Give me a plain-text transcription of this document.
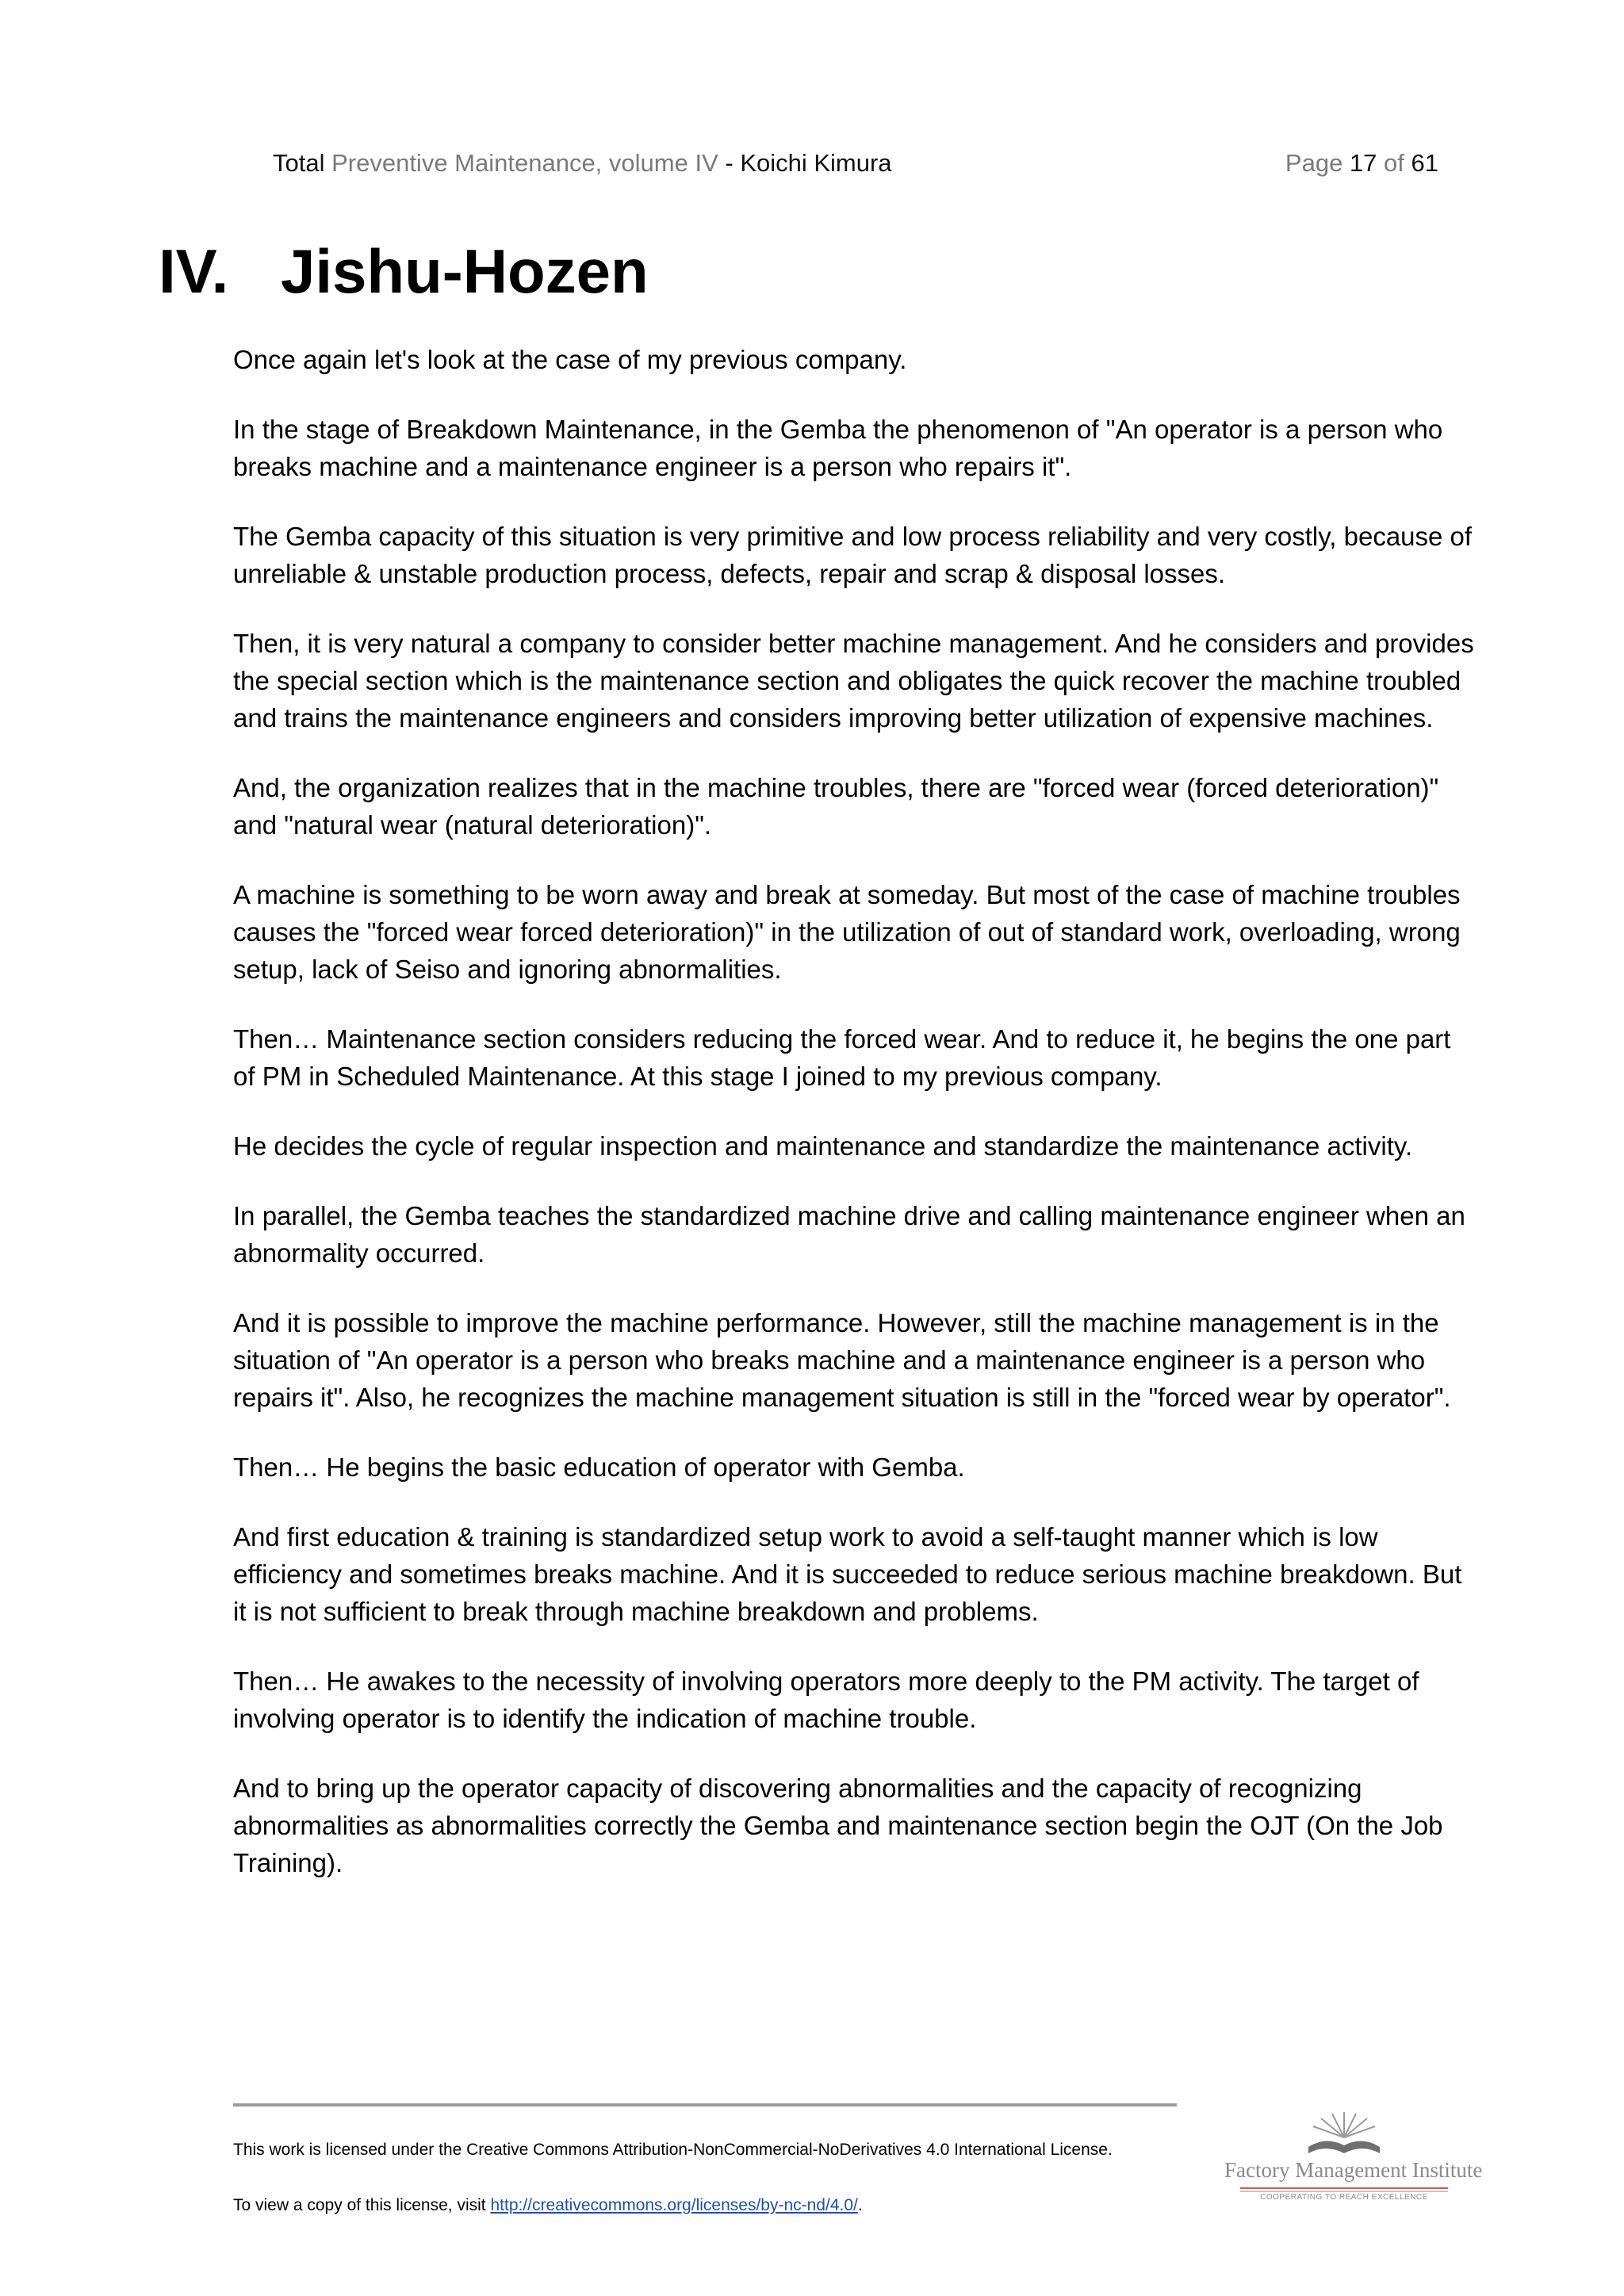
Total Preventive Maintenance, volume IV - Koichi Kimura	Page 17 of 61
IV. Jishu-Hozen

Once again let's look at the case of my previous company.

In the stage of Breakdown Maintenance, in the Gemba the phenomenon of "An operator is a person who breaks machine and a maintenance engineer is a person who repairs it".

The Gemba capacity of this situation is very primitive and low process reliability and very costly, because of unreliable & unstable production process, defects, repair and scrap & disposal losses.

Then, it is very natural a company to consider better machine management. And he considers and provides the special section which is the maintenance section and obligates the quick recover the machine troubled and trains the maintenance engineers and considers improving better utilization of expensive machines.

And, the organization realizes that in the machine troubles, there are "forced wear (forced deterioration)" and "natural wear (natural deterioration)".

A machine is something to be worn away and break at someday. But most of the case of machine troubles causes the "forced wear forced deterioration)" in the utilization of out of standard work, overloading, wrong setup, lack of Seiso and ignoring abnormalities.

Then… Maintenance section considers reducing the forced wear. And to reduce it, he begins the one part of PM in Scheduled Maintenance. At this stage I joined to my previous company.

He decides the cycle of regular inspection and maintenance and standardize the maintenance activity.

In parallel, the Gemba teaches the standardized machine drive and calling maintenance engineer when an abnormality occurred.

And it is possible to improve the machine performance. However, still the machine management is in the situation of "An operator is a person who breaks machine and a maintenance engineer is a person who repairs it". Also, he recognizes the machine management situation is still in the "forced wear by operator".

Then… He begins the basic education of operator with Gemba.

And first education & training is standardized setup work to avoid a self-taught manner which is low efficiency and sometimes breaks machine. And it is succeeded to reduce serious machine breakdown. But it is not sufficient to break through machine breakdown and problems.

Then… He awakes to the necessity of involving operators more deeply to the PM activity. The target of involving operator is to identify the indication of machine trouble.

And to bring up the operator capacity of discovering abnormalities and the capacity of recognizing abnormalities as abnormalities correctly the Gemba and maintenance section begin the OJT (On the Job Training).

This work is licensed under the Creative Commons Attribution-NonCommercial-NoDerivatives 4.0 International License.
To view a copy of this license, visit http://creativecommons.org/licenses/by-nc-nd/4.0/.
Factory Management Institute
COOPERATING TO REACH EXCELLENCE
